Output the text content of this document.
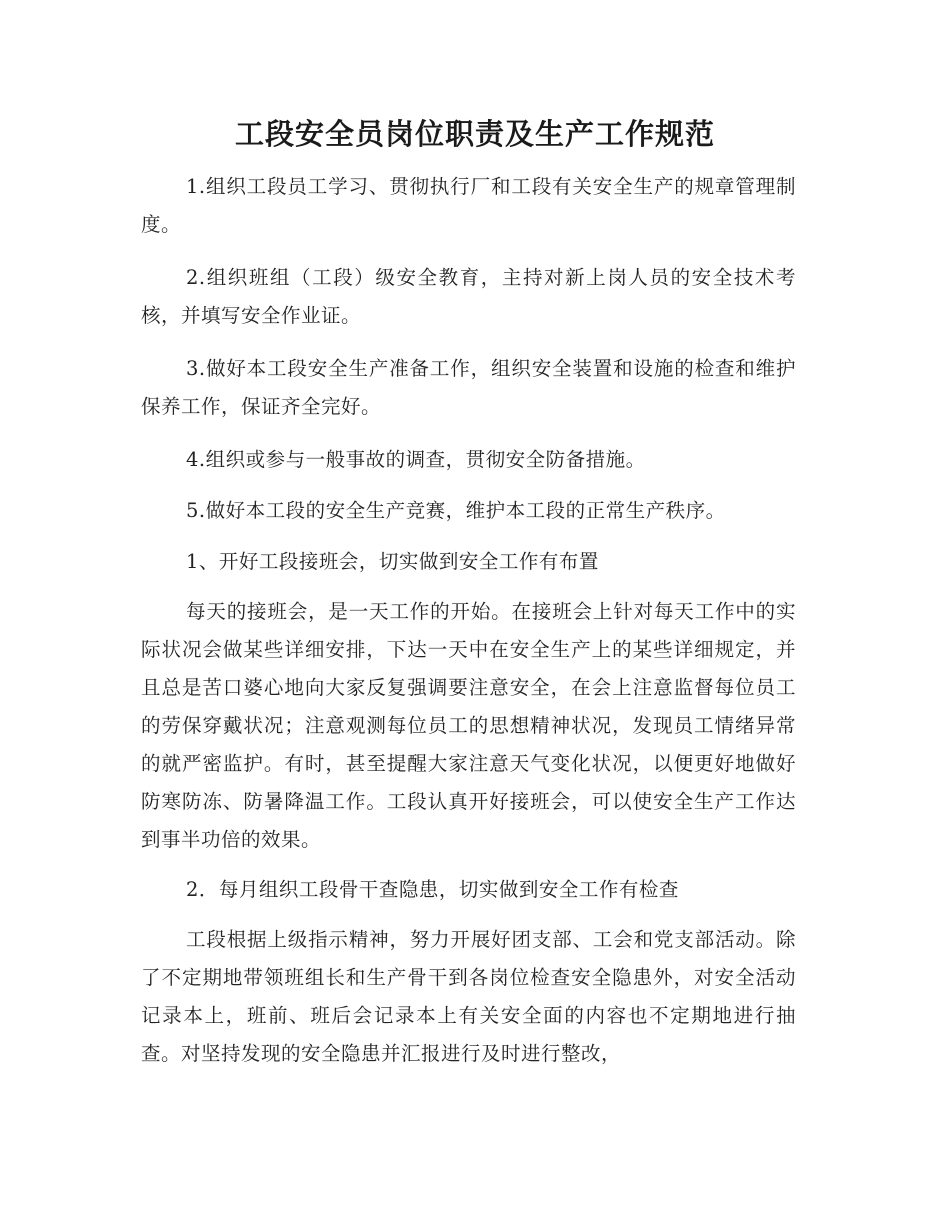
工段安全员岗位职责及生产工作规范

1.组织工段员工学习、贯彻执行厂和工段有关安全生产的规章管理制度。

2.组织班组（工段）级安全教育，主持对新上岗人员的安全技术考核，并填写安全作业证。

3.做好本工段安全生产准备工作，组织安全装置和设施的检查和维护保养工作，保证齐全完好。

4.组织或参与一般事故的调查，贯彻安全防备措施。

5.做好本工段的安全生产竞赛，维护本工段的正常生产秩序。

1、开好工段接班会，切实做到安全工作有布置

每天的接班会，是一天工作的开始。在接班会上针对每天工作中的实际状况会做某些详细安排，下达一天中在安全生产上的某些详细规定，并且总是苦口婆心地向大家反复强调要注意安全，在会上注意监督每位员工的劳保穿戴状况；注意观测每位员工的思想精神状况，发现员工情绪异常的就严密监护。有时，甚至提醒大家注意天气变化状况，以便更好地做好防寒防冻、防暑降温工作。工段认真开好接班会，可以使安全生产工作达到事半功倍的效果。

2．每月组织工段骨干查隐患，切实做到安全工作有检查

工段根据上级指示精神，努力开展好团支部、工会和党支部活动。除了不定期地带领班组长和生产骨干到各岗位检查安全隐患外，对安全活动记录本上，班前、班后会记录本上有关安全面的内容也不定期地进行抽查。对坚持发现的安全隐患并汇报进行及时进行整改，
